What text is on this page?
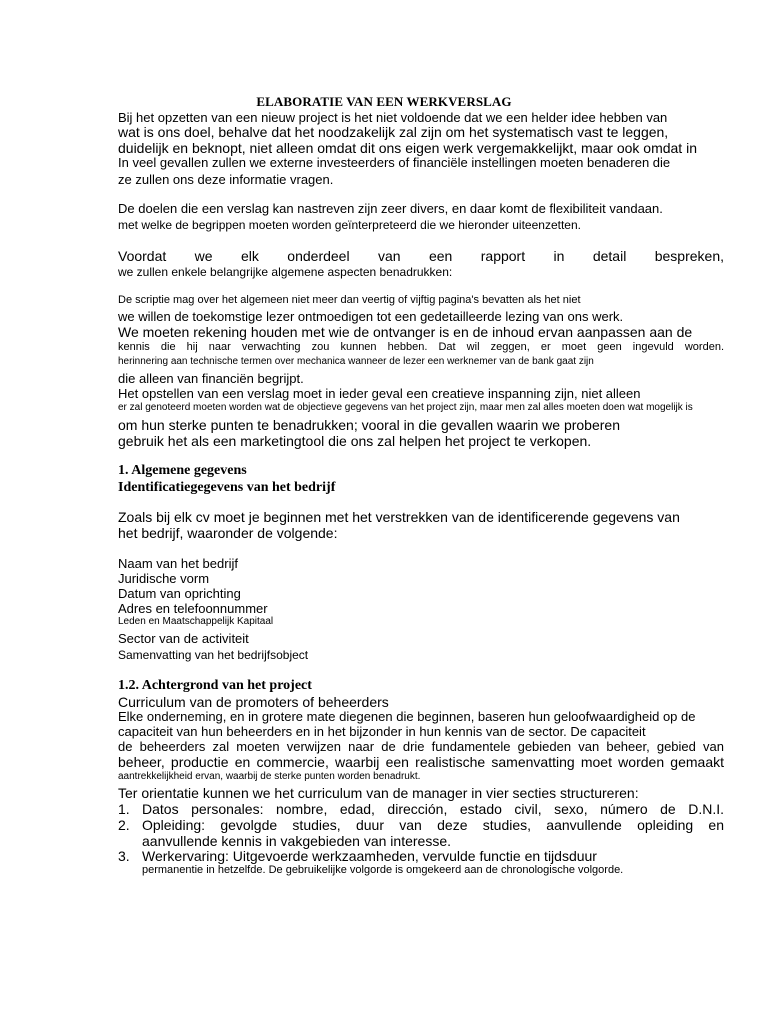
ELABORATIE VAN EEN WERKVERSLAG
Bij het opzetten van een nieuw project is het niet voldoende dat we een helder idee hebben van
wat is ons doel, behalve dat het noodzakelijk zal zijn om het systematisch vast te leggen,
duidelijk en beknopt, niet alleen omdat dit ons eigen werk vergemakkelijkt, maar ook omdat in
In veel gevallen zullen we externe investeerders of financiële instellingen moeten benaderen die
ze zullen ons deze informatie vragen.
De doelen die een verslag kan nastreven zijn zeer divers, en daar komt de flexibiliteit vandaan.
met welke de begrippen moeten worden geïnterpreteerd die we hieronder uiteenzetten.
Voordat we elk onderdeel van een rapport in detail bespreken,
we zullen enkele belangrijke algemene aspecten benadrukken:
De scriptie mag over het algemeen niet meer dan veertig of vijftig pagina's bevatten als het niet
we willen de toekomstige lezer ontmoedigen tot een gedetailleerde lezing van ons werk.
We moeten rekening houden met wie de ontvanger is en de inhoud ervan aanpassen aan de
kennis die hij naar verwachting zou kunnen hebben. Dat wil zeggen, er moet geen ingevuld worden.
herinnering aan technische termen over mechanica wanneer de lezer een werknemer van de bank gaat zijn
die alleen van financiën begrijpt.
Het opstellen van een verslag moet in ieder geval een creatieve inspanning zijn, niet alleen
er zal genoteerd moeten worden wat de objectieve gegevens van het project zijn, maar men zal alles moeten doen wat mogelijk is
om hun sterke punten te benadrukken; vooral in die gevallen waarin we proberen
gebruik het als een marketingtool die ons zal helpen het project te verkopen.
1. Algemene gegevens
Identificatiegegevens van het bedrijf
Zoals bij elk cv moet je beginnen met het verstrekken van de identificerende gegevens van
het bedrijf, waaronder de volgende:
Naam van het bedrijf
Juridische vorm
Datum van oprichting
Adres en telefoonnummer
Leden en Maatschappelijk Kapitaal
Sector van de activiteit
Samenvatting van het bedrijfsobject
1.2. Achtergrond van het project
Curriculum van de promoters of beheerders
Elke onderneming, en in grotere mate diegenen die beginnen, baseren hun geloofwaardigheid op de
capaciteit van hun beheerders en in het bijzonder in hun kennis van de sector. De capaciteit
de beheerders zal moeten verwijzen naar de drie fundamentele gebieden van beheer, gebied van
beheer, productie en commercie, waarbij een realistische samenvatting moet worden gemaakt
aantrekkelijkheid ervan, waarbij de sterke punten worden benadrukt.
Ter orientatie kunnen we het curriculum van de manager in vier secties structureren:
1. Datos personales: nombre, edad, dirección, estado civil, sexo, número de D.N.I.
2. Opleiding: gevolgde studies, duur van deze studies, aanvullende opleiding en
aanvullende kennis in vakgebieden van interesse.
3. Werkervaring: Uitgevoerde werkzaamheden, vervulde functie en tijdsduur
permanentie in hetzelfde. De gebruikelijke volgorde is omgekeerd aan de chronologische volgorde.
